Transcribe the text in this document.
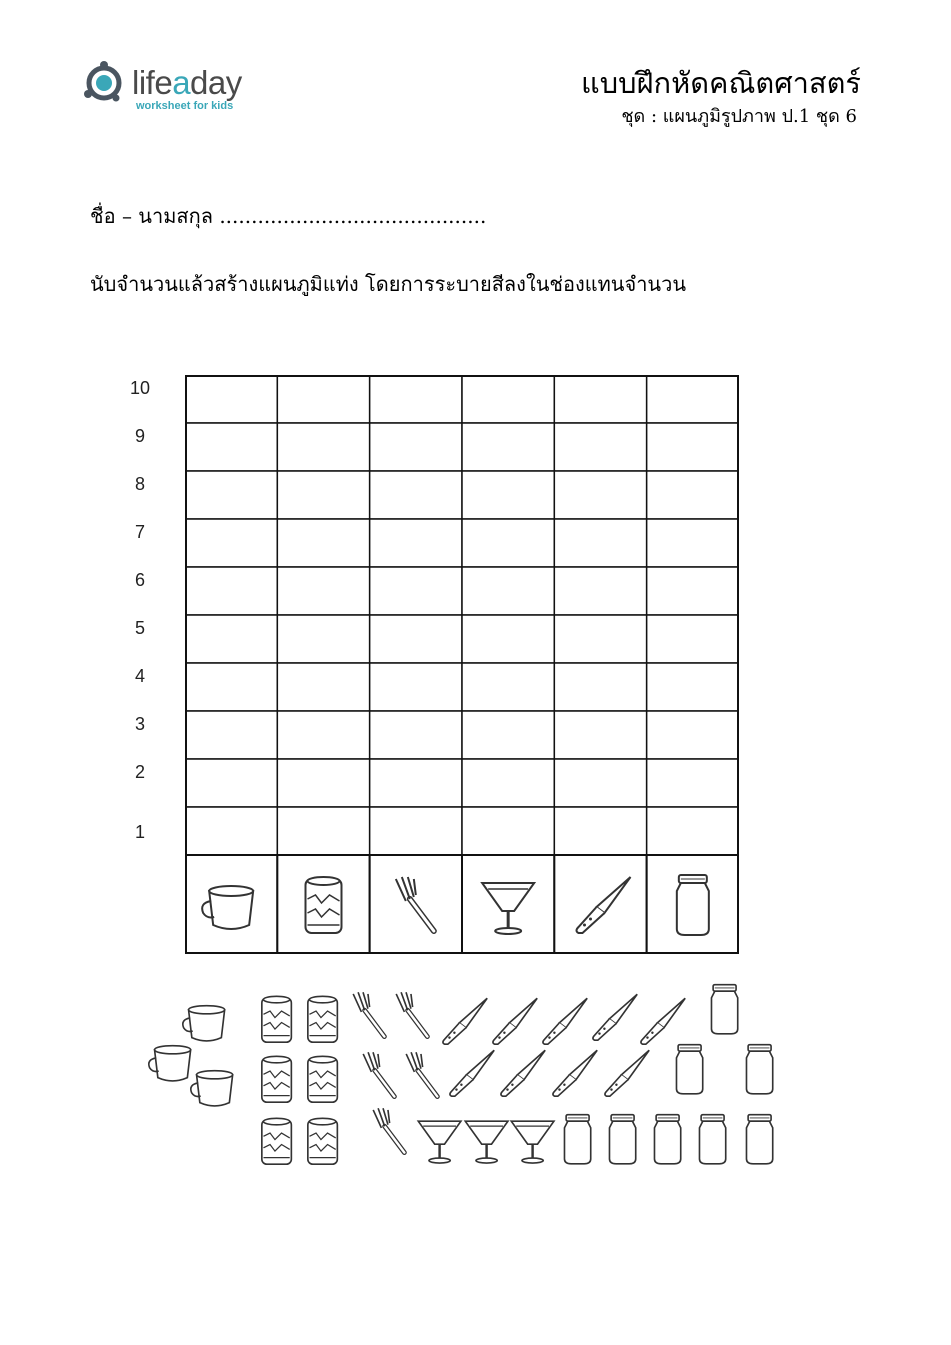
lifeaday
worksheet for kids
แบบฝึกหัดคณิตศาสตร์
ชุด : แผนภูมิรูปภาพ ป.1 ชุด 6
ชื่อ – นามสกุล ..........................................
นับจำนวนแล้วสร้างแผนภูมิแท่ง โดยการระบายสีลงในช่องแทนจำนวน
10
9
8
7
6
5
4
3
2
1
